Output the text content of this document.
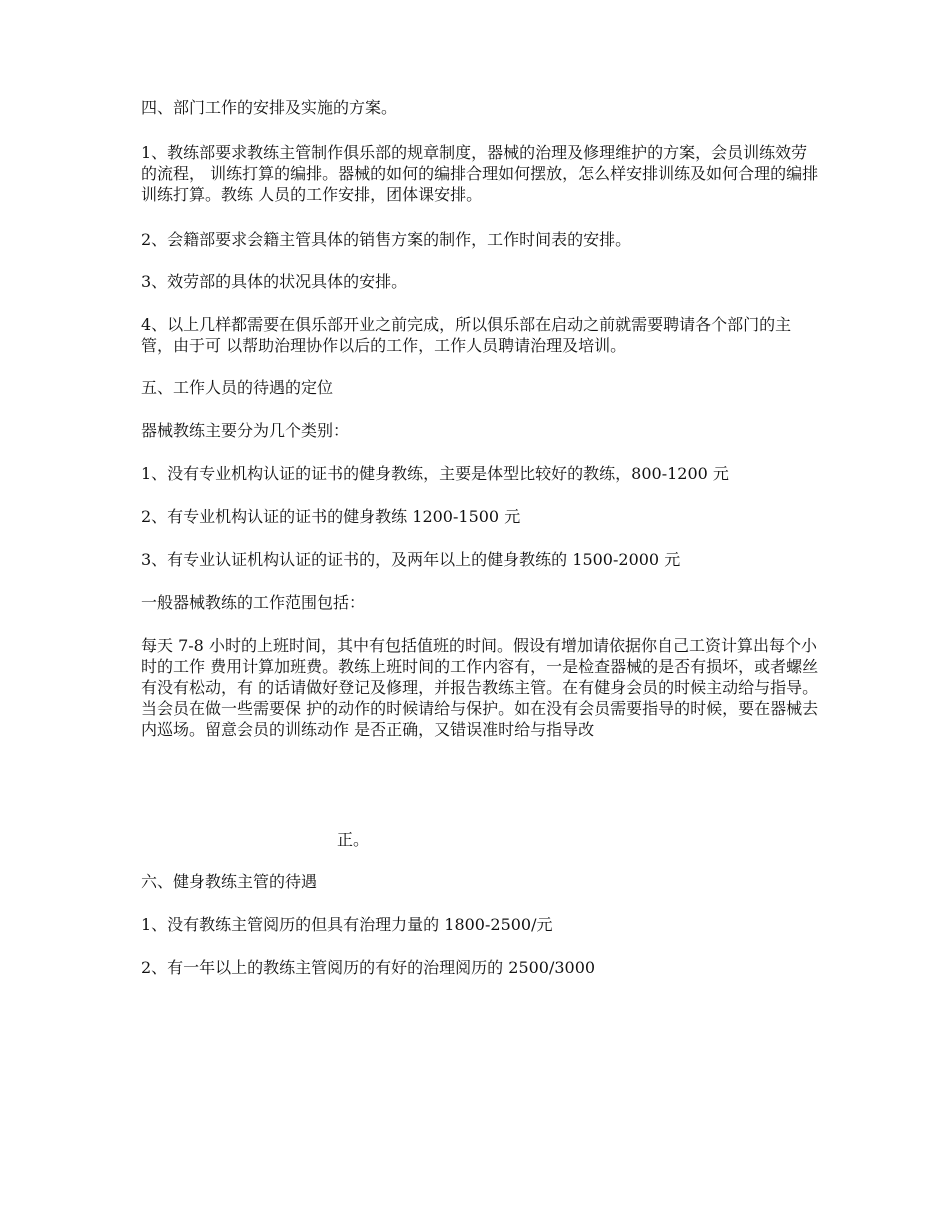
四、部门工作的安排及实施的方案。

1、教练部要求教练主管制作俱乐部的规章制度，器械的治理及修理维护的方案，会员训练效劳的流程， 训练打算的编排。器械的如何的编排合理如何摆放，怎么样安排训练及如何合理的编排训练打算。教练 人员的工作安排，团体课安排。

2、会籍部要求会籍主管具体的销售方案的制作，工作时间表的安排。

3、效劳部的具体的状况具体的安排。

4、以上几样都需要在俱乐部开业之前完成，所以俱乐部在启动之前就需要聘请各个部门的主管，由于可 以帮助治理协作以后的工作，工作人员聘请治理及培训。

五、工作人员的待遇的定位

器械教练主要分为几个类别：

1、没有专业机构认证的证书的健身教练，主要是体型比较好的教练，800-1200 元

2、有专业机构认证的证书的健身教练 1200-1500 元

3、有专业认证机构认证的证书的，及两年以上的健身教练的 1500-2000 元

一般器械教练的工作范围包括：

每天 7-8 小时的上班时间，其中有包括值班的时间。假设有增加请依据你自己工资计算出每个小时的工作 费用计算加班费。教练上班时间的工作内容有，一是检查器械的是否有损坏，或者螺丝有没有松动，有 的话请做好登记及修理，并报告教练主管。在有健身会员的时候主动给与指导。当会员在做一些需要保 护的动作的时候请给与保护。如在没有会员需要指导的时候，要在器械去内巡场。留意会员的训练动作 是否正确，又错误准时给与指导改

正。

六、健身教练主管的待遇

1、没有教练主管阅历的但具有治理力量的 1800-2500/元

2、有一年以上的教练主管阅历的有好的治理阅历的 2500/3000
